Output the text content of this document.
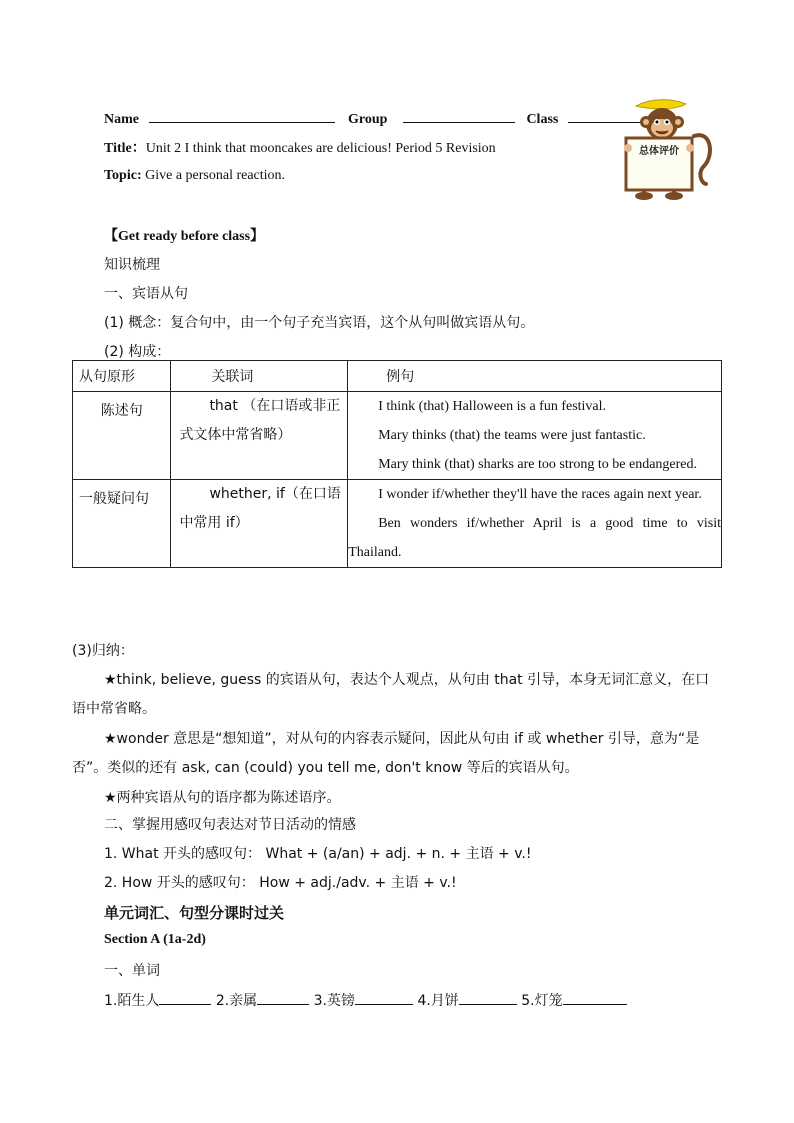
Name	Group	Class
Title：Unit 2 I think that mooncakes are delicious! Period 5 Revision
Topic: Give a personal reaction.
总体评价
【Get ready before class】
知识梳理
一、宾语从句
(1) 概念：复合句中，由一个句子充当宾语，这个从句叫做宾语从句。
(2) 构成：
从句原形	关联词	例句
陈述句	that （在口语或非正式文体中常省略）	I think (that) Halloween is a fun festival.
Mary thinks (that) the teams were just fantastic.
Mary think (that) sharks are too strong to be endangered.

一般疑问句	whether, if（在口语中常用 if）	I wonder if/whether they'll have the races again next year.
Ben wonders if/whether April is a good time to visit Thailand.
(3)归纳：
★think, believe, guess 的宾语从句，表达个人观点，从句由 that 引导，本身无词汇意义，在口语中常省略。
★wonder 意思是“想知道”，对从句的内容表示疑问，因此从句由 if 或 whether 引导，意为“是否”。类似的还有 ask, can (could) you tell me, don't know 等后的宾语从句。
★两种宾语从句的语序都为陈述语序。
二、掌握用感叹句表达对节日活动的情感
1. What 开头的感叹句： What + (a/an) + adj. + n. + 主语 + v.!
2. How 开头的感叹句： How + adj./adv. + 主语 + v.!
单元词汇、句型分课时过关
Section A (1a-2d)
一、单词
1.陌生人	2.亲属	3.英镑	4.月饼	5.灯笼
